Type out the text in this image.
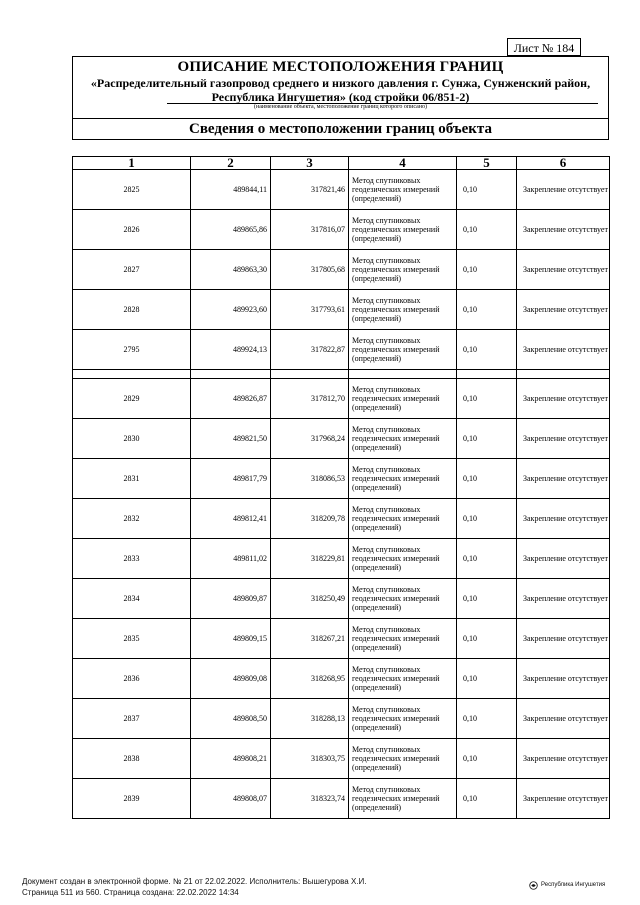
Лист № 184
ОПИСАНИЕ МЕСТОПОЛОЖЕНИЯ ГРАНИЦ
«Распределительный газопровод среднего и низкого давления г. Сунжа, Сунженский район, Республика Ингушетия» (код стройки 06/851-2)
(наименование объекта, местоположение границ которого описано)
Сведения о местоположении границ объекта
1	2	3	4	5	6
2825	489844,11	317821,46	Метод спутниковых геодезических измерений (определений)	0,10	Закрепление отсутствует
2826	489865,86	317816,07	Метод спутниковых геодезических измерений (определений)	0,10	Закрепление отсутствует
2827	489863,30	317805,68	Метод спутниковых геодезических измерений (определений)	0,10	Закрепление отсутствует
2828	489923,60	317793,61	Метод спутниковых геодезических измерений (определений)	0,10	Закрепление отсутствует
2795	489924,13	317822,87	Метод спутниковых геодезических измерений (определений)	0,10	Закрепление отсутствует

2829	489826,87	317812,70	Метод спутниковых геодезических измерений (определений)	0,10	Закрепление отсутствует
2830	489821,50	317968,24	Метод спутниковых геодезических измерений (определений)	0,10	Закрепление отсутствует
2831	489817,79	318086,53	Метод спутниковых геодезических измерений (определений)	0,10	Закрепление отсутствует
2832	489812,41	318209,78	Метод спутниковых геодезических измерений (определений)	0,10	Закрепление отсутствует
2833	489811,02	318229,81	Метод спутниковых геодезических измерений (определений)	0,10	Закрепление отсутствует
2834	489809,87	318250,49	Метод спутниковых геодезических измерений (определений)	0,10	Закрепление отсутствует
2835	489809,15	318267,21	Метод спутниковых геодезических измерений (определений)	0,10	Закрепление отсутствует
2836	489809,08	318268,95	Метод спутниковых геодезических измерений (определений)	0,10	Закрепление отсутствует
2837	489808,50	318288,13	Метод спутниковых геодезических измерений (определений)	0,10	Закрепление отсутствует
2838	489808,21	318303,75	Метод спутниковых геодезических измерений (определений)	0,10	Закрепление отсутствует
2839	489808,07	318323,74	Метод спутниковых геодезических измерений (определений)	0,10	Закрепление отсутствует
Документ создан в электронной форме. № 21 от 22.02.2022. Исполнитель: Вышегурова Х.И.
Страница 511 из 560. Страница создана: 22.02.2022 14:34
Республика Ингушетия
